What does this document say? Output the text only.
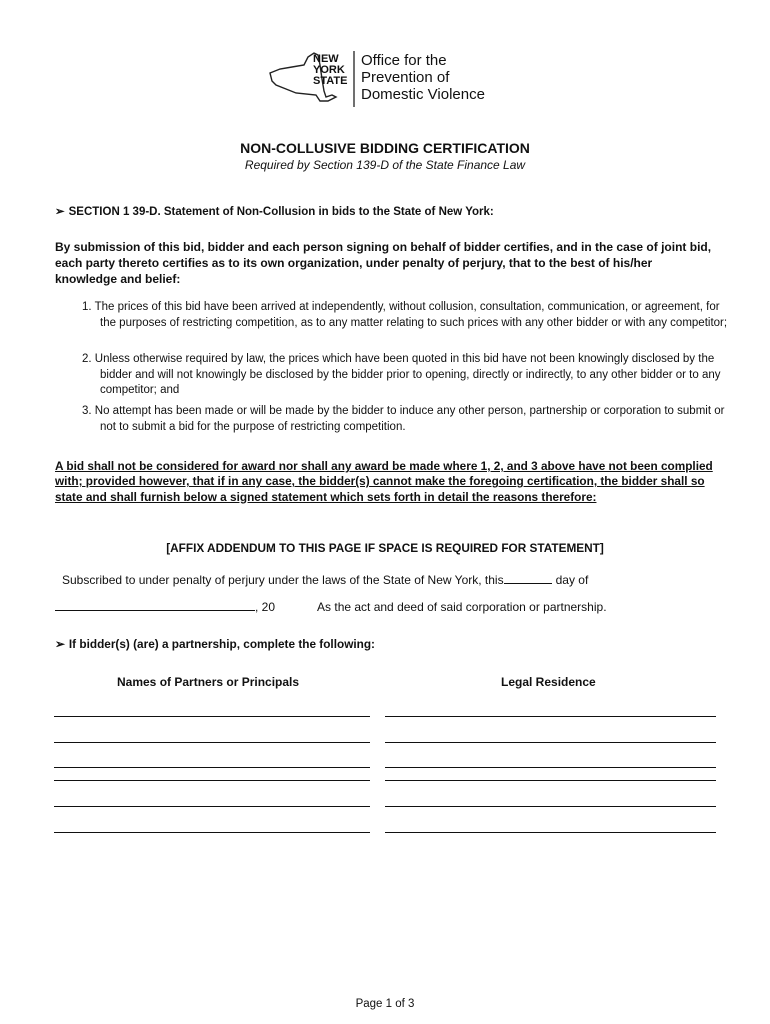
NEW
YORK
STATE
Office for the
Prevention of
Domestic Violence
NON-COLLUSIVE BIDDING CERTIFICATION
Required by Section 139-D of the State Finance Law
➢ SECTION 1 39-D. Statement of Non-Collusion in bids to the State of New York:
By submission of this bid, bidder and each person signing on behalf of bidder certifies, and in the case of joint bid, each party thereto certifies as to its own organization, under penalty of perjury, that to the best of his/her knowledge and belief:
1. The prices of this bid have been arrived at independently, without collusion, consultation, communication, or agreement, for the purposes of restricting competition, as to any matter relating to such prices with any other bidder or with any competitor;
2. Unless otherwise required by law, the prices which have been quoted in this bid have not been knowingly disclosed by the bidder and will not knowingly be disclosed by the bidder prior to opening, directly or indirectly, to any other bidder or to any competitor; and
3. No attempt has been made or will be made by the bidder to induce any other person, partnership or corporation to submit or not to submit a bid for the purpose of restricting competition.
A bid shall not be considered for award nor shall any award be made where 1, 2, and 3 above have not been complied with; provided however, that if in any case, the bidder(s) cannot make the foregoing certification, the bidder shall so state and shall furnish below a signed statement which sets forth in detail the reasons therefore:
[AFFIX ADDENDUM TO THIS PAGE IF SPACE IS REQUIRED FOR STATEMENT]
Subscribed to under penalty of perjury under the laws of the State of New York, this	day of
, 20	As the act and deed of said corporation or partnership.
➢ If bidder(s) (are) a partnership, complete the following:
Names of Partners or Principals	Legal Residence
Page 1 of 3
